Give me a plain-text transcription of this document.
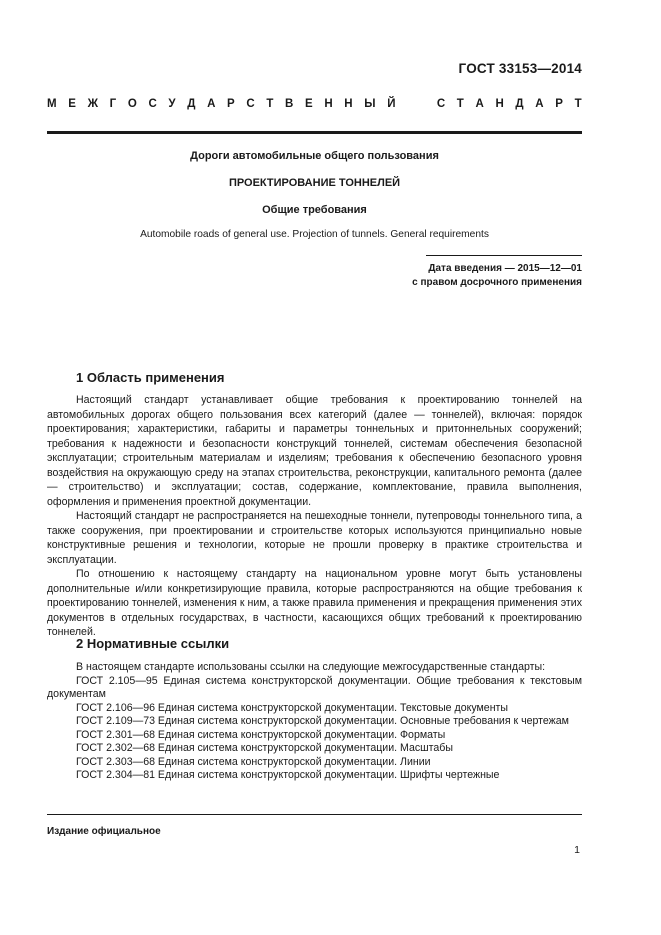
ГОСТ 33153—2014
М Е Ж Г О С У Д А Р С Т В Е Н Н Ы Й

	С Т А Н Д А Р Т
Дороги автомобильные общего пользования
ПРОЕКТИРОВАНИЕ ТОННЕЛЕЙ
Общие требования
Automobile roads of general use. Projection of tunnels. General requirements
Дата введения — 2015—12—01
с правом досрочного применения
1 Область применения

Настоящий стандарт устанавливает общие требования к проектированию тоннелей на автомобильных дорогах общего пользования всех категорий (далее — тоннелей), включая: порядок проектирования; характеристики, габариты и параметры тоннельных и притоннельных сооружений; требования к надежности и безопасности конструкций тоннелей, системам обеспечения безопасной эксплуатации; строительным материалам и изделиям; требования к обеспечению безопасного уровня воздействия на окружающую среду на этапах строительства, реконструкции, капитального ремонта (далее — строительство) и эксплуатации; состав, содержание, комплектование, правила выполнения, оформления и применения проектной документации.

Настоящий стандарт не распространяется на пешеходные тоннели, путепроводы тоннельного типа, а также сооружения, при проектировании и строительстве которых используются принципиально новые конструктивные решения и технологии, которые не прошли проверку в практике строительства и эксплуатации.

По отношению к настоящему стандарту на национальном уровне могут быть установлены дополнительные и/или конкретизирующие правила, которые распространяются на общие требования к проектированию тоннелей, изменения к ним, а также правила применения и прекращения применения этих документов в отдельных государствах, в частности, касающихся общих требований к проектированию тоннелей.

2 Нормативные ссылки

В настоящем стандарте использованы ссылки на следующие межгосударственные стандарты:

ГОСТ 2.105—95 Единая система конструкторской документации. Общие требования к текстовым документам

ГОСТ 2.106—96 Единая система конструкторской документации. Текстовые документы

ГОСТ 2.109—73 Единая система конструкторской документации. Основные требования к чертежам

ГОСТ 2.301—68 Единая система конструкторской документации. Форматы

ГОСТ 2.302—68 Единая система конструкторской документации. Масштабы

ГОСТ 2.303—68 Единая система конструкторской документации. Линии

ГОСТ 2.304—81 Единая система конструкторской документации. Шрифты чертежные

Издание официальное
1
